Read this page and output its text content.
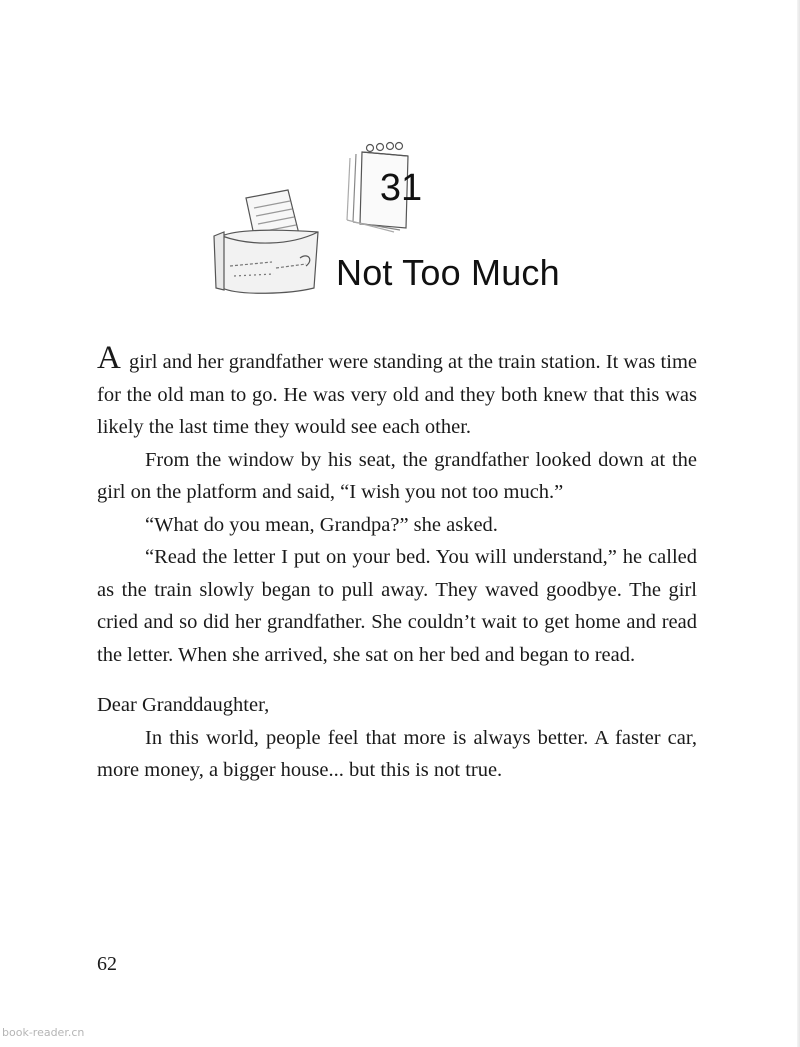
31
Not Too Much

A girl and her grandfather were standing at the train station. It was time for the old man to go. He was very old and they both knew that this was likely the last time they would see each other.

From the window by his seat, the grandfather looked down at the girl on the platform and said, “I wish you not too much.”

“What do you mean, Grandpa?” she asked.

“Read the letter I put on your bed. You will understand,” he called as the train slowly began to pull away. They waved goodbye. The girl cried and so did her grandfather. She couldn’t wait to get home and read the letter. When she arrived, she sat on her bed and began to read.

Dear Granddaughter,

In this world, people feel that more is always better. A faster car, more money, a bigger house... but this is not true.

62
book-reader.cn
